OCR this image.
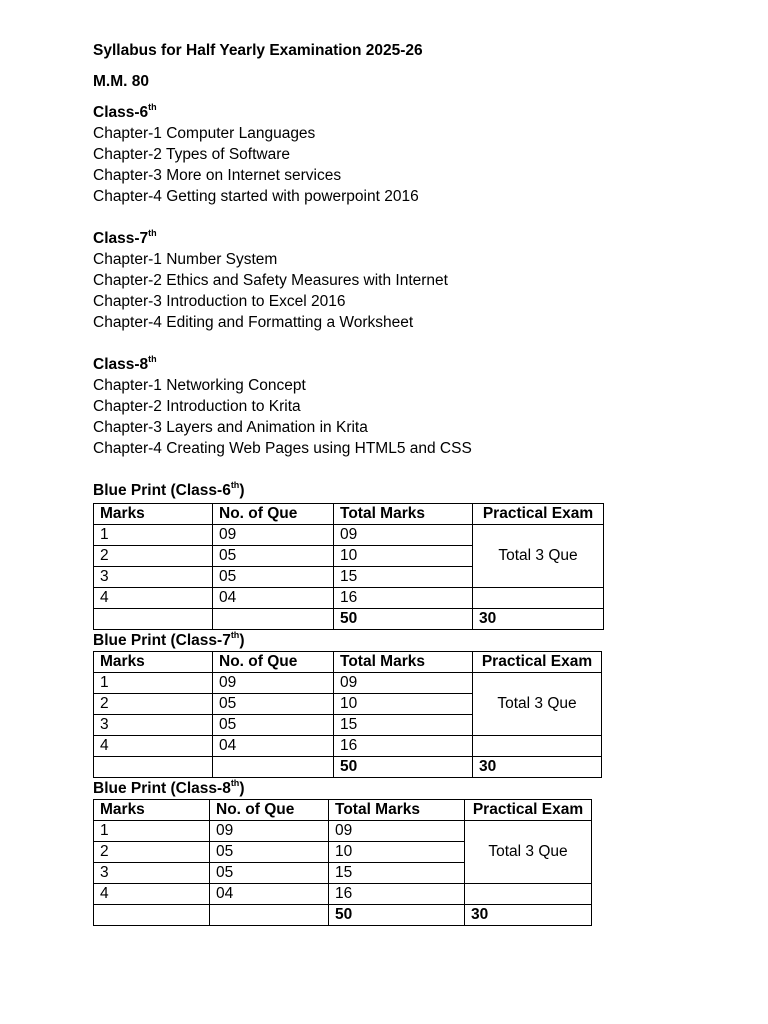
Syllabus for Half Yearly Examination 2025-26
M.M. 80
Class-6th
Chapter-1 Computer Languages
Chapter-2 Types of Software
Chapter-3 More on Internet services
Chapter-4 Getting started with powerpoint 2016
Class-7th
Chapter-1 Number System
Chapter-2 Ethics and Safety Measures with Internet
Chapter-3 Introduction to Excel 2016
Chapter-4 Editing and Formatting a Worksheet
Class-8th
Chapter-1 Networking Concept
Chapter-2 Introduction to Krita
Chapter-3 Layers and Animation in Krita
Chapter-4 Creating Web Pages using HTML5 and CSS
Blue Print (Class-6th)
Marks	No. of Que	Total Marks	Practical Exam
1	09	09	Total 3 Que
2	05	10	
3	05	15	
4	04	16	
		50	30
Blue Print (Class-7th)
Marks	No. of Que	Total Marks	Practical Exam
1	09	09	Total 3 Que
2	05	10	
3	05	15	
4	04	16	
		50	30
Blue Print (Class-8th)
Marks	No. of Que	Total Marks	Practical Exam
1	09	09	Total 3 Que
2	05	10	
3	05	15	
4	04	16	
		50	30
